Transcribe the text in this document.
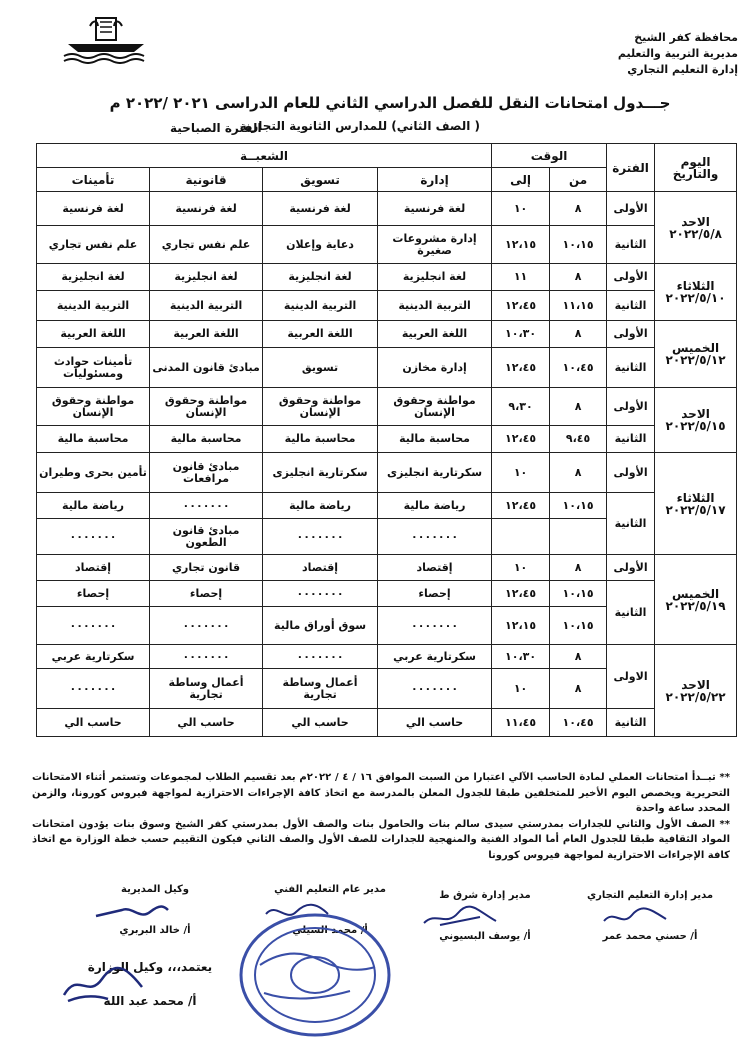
محافظة كفر الشيخ
مديرية التربية والتعليم
إدارة التعليم التجاري
جـــدول امتحانات النقل للفصل الدراسي الثاني للعام الدراسى ٢٠٢١ /٢٠٢٢ م
( الصف الثاني) للمدارس الثانوية التجارية
الفترة الصباحية
اليوم والتاريخ	الفترة	الوقت		الشعبــة			
		من	إلى	إدارة	تسويق	قانونية	تأمينات

الاحد
٢٠٢٢/٥/٨	الأولى	٨	١٠	لغة فرنسية	لغة فرنسية	لغة فرنسية	لغة فرنسية
	الثانية	١٠،١٥	١٢،١٥	إدارة مشروعات صغيرة	دعاية وإعلان	علم نفس تجاري	علم نفس تجاري

الثلاثاء
٢٠٢٢/٥/١٠	الأولى	٨	١١	لغة انجليزية	لغة انجليزية	لغة انجليزية	لغة انجليزية
	الثانية	١١،١٥	١٢،٤٥	التربية الدينية	التربية الدينية	التربية الدينية	التربية الدينية

الخميس
٢٠٢٢/٥/١٢	الأولى	٨	١٠،٣٠	اللغة العربية	اللغة العربية	اللغة العربية	اللغة العربية
	الثانية	١٠،٤٥	١٢،٤٥	إدارة مخازن	تسويق	مبادئ قانون المدنى	تأمينات حوادث ومسئوليات

الاحد
٢٠٢٢/٥/١٥	الأولى	٨	٩،٣٠	مواطنة وحقوق الإنسان	مواطنة وحقوق الإنسان	مواطنة وحقوق الإنسان	مواطنة وحقوق الإنسان
	الثانية	٩،٤٥	١٢،٤٥	محاسبة مالية	محاسبة مالية	محاسبة مالية	محاسبة مالية

الثلاثاء
٢٠٢٢/٥/١٧	الأولى	٨	١٠	سكرتارية انجليزى	سكرتارية انجليزى	مبادئ قانون مرافعات	تأمين بحرى وطيران
	الثانية	١٠،١٥	١٢،٤٥	رياضة مالية	رياضة مالية	٠٠٠٠٠٠٠	رياضة مالية
				٠٠٠٠٠٠٠	٠٠٠٠٠٠٠	مبادئ قانون الطعون	٠٠٠٠٠٠٠

الخميس
٢٠٢٢/٥/١٩	الأولى	٨	١٠	إقتصاد	إقتصاد	قانون تجاري	إقتصاد
	الثانية	١٠،١٥	١٢،٤٥	إحصاء	٠٠٠٠٠٠٠	إحصاء	إحصاء
		١٠،١٥	١٢،١٥	٠٠٠٠٠٠٠	سوق أوراق مالية	٠٠٠٠٠٠٠	٠٠٠٠٠٠٠

الاحد
٢٠٢٢/٥/٢٢	الاولى	٨	١٠،٣٠	سكرتارية عربي	٠٠٠٠٠٠٠	٠٠٠٠٠٠٠	سكرتارية عربي
		٨	١٠	٠٠٠٠٠٠٠	أعمال وساطة تجارية	أعمال وساطة تجارية	٠٠٠٠٠٠٠
	الثانية	١٠،٤٥	١١،٤٥	حاسب الي	حاسب الي	حاسب الي	حاسب الي
** تبــدأ امتحانات العملي لمادة الحاسب الآلي اعتبارا من السبت الموافق ١٦ / ٤ / ٢٠٢٢م بعد تقسيم الطلاب لمجموعات وتستمر أثناء الامتحانات التحريرية ويخصص اليوم الأخير للمتخلفين طبقا للجدول المعلن بالمدرسة مع اتخاذ كافة الإجراءات الاحترازية لمواجهة فيروس كورونا، والزمن المحدد ساعة واحدة
** الصف الأول والثاني للجدارات بمدرستي سيدى سالم بنات والحامول بنات والصف الأول بمدرستي كفر الشيخ وسوق بنات يؤدون امتحانات المواد الثقافية طبقا للجدول العام أما المواد الفنية والمنهجية للجدارات للصف الأول والصف الثاني فيكون التقييم حسب خطة الوزارة مع اتخاذ كافة الإجراءات الاحترازية لمواجهة فيروس كورونا
مدير إدارة التعليم التجاري
أ/ حسني محمد عمر
مدير إدارة شرق ط
أ/ يوسف البسيوني
مدير عام التعليم الفني
أ/ محمد السيلي
وكيل المديرية
أ/ خالد البربري
يعتمد،،، وكيل الوزارة
أ/ محمد عبد الله
